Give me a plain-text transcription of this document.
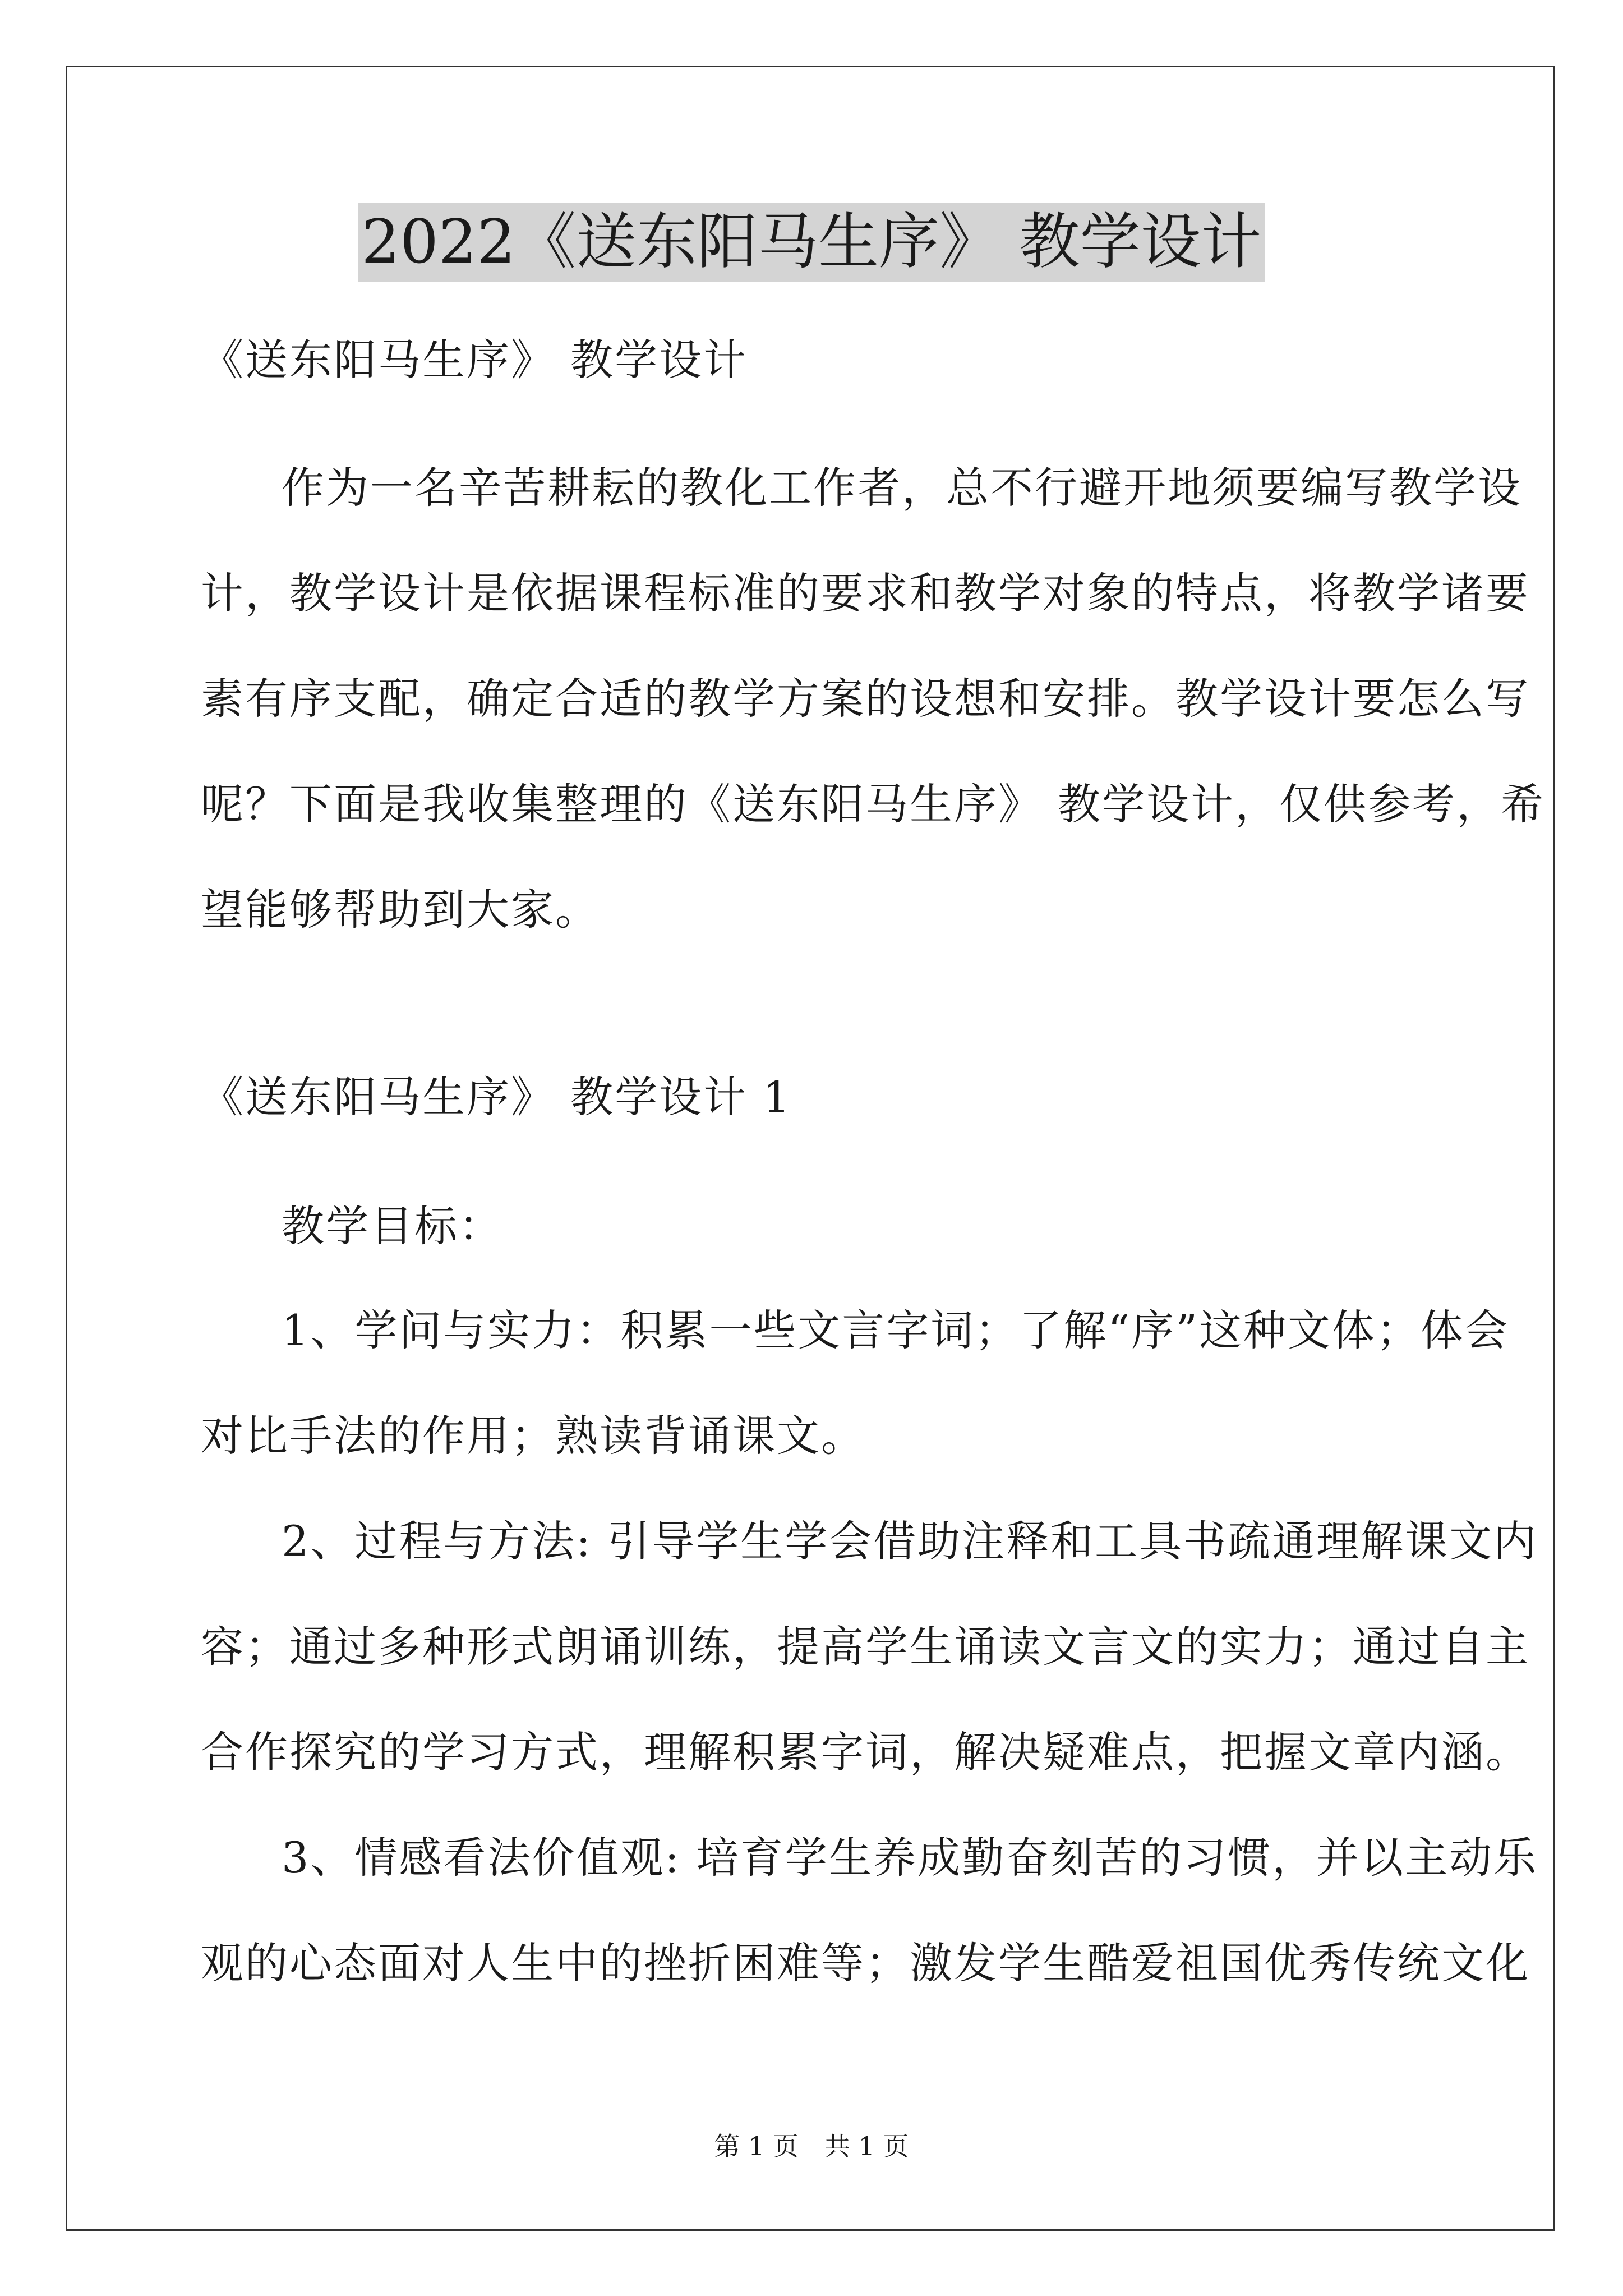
2022《送东阳马生序》 教学设计

《送东阳马生序》 教学设计

作为一名辛苦耕耘的教化工作者，总不行避开地须要编写教学设

计，教学设计是依据课程标准的要求和教学对象的特点，将教学诸要

素有序支配，确定合适的教学方案的设想和安排。教学设计要怎么写

呢？下面是我收集整理的《送东阳马生序》 教学设计，仅供参考，希

望能够帮助到大家。

《送东阳马生序》 教学设计 1

教学目标：

1、学问与实力：积累一些文言字词；了解“序”这种文体；体会

对比手法的作用；熟读背诵课文。

2、过程与方法: 引导学生学会借助注释和工具书疏通理解课文内

容；通过多种形式朗诵训练，提高学生诵读文言文的实力；通过自主

合作探究的学习方式，理解积累字词，解决疑难点，把握文章内涵。

3、情感看法价值观: 培育学生养成勤奋刻苦的习惯，并以主动乐

观的心态面对人生中的挫折困难等；激发学生酷爱祖国优秀传统文化

第 1 页　共 1 页
